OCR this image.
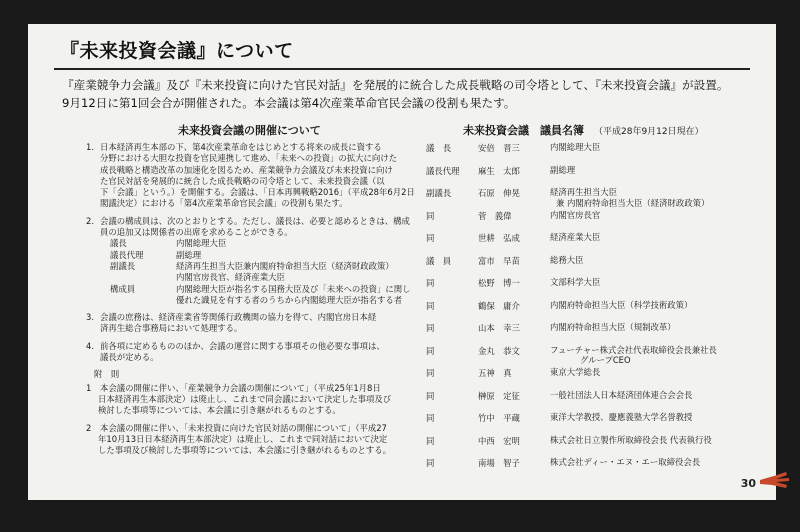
『未来投資会議』について
『産業競争力会議』及び『未来投資に向けた官民対話』を発展的に統合した成長戦略の司令塔として、『未来投資会議』が設置。
9月12日に第1回会合が開催された。本会議は第4次産業革命官民会議の役割も果たす。
未来投資会議の開催について	未来投資会議　議員名簿 （平成28年9月12日現在）
1. 日本経済再生本部の下、第4次産業革命をはじめとする将来の成長に資する
分野における大胆な投資を官民連携して進め、「未来への投資」の拡大に向けた
成長戦略と構造改革の加速化を図るため、産業競争力会議及び未来投資に向け
た官民対話を発展的に統合した成長戦略の司令塔として、未来投資会議（以
下「会議」という。）を開催する。会議は、「日本再興戦略2016」（平成28年6月2日
閣議決定）における「第4次産業革命官民会議」の役割も果たす。
2. 会議の構成員は、次のとおりとする。ただし、議長は、必要と認めるときは、構成
員の追加又は関係者の出席を求めることができる。
議長	内閣総理大臣
議長代理	副総理
副議長	経済再生担当大臣兼内閣府特命担当大臣（経済財政政策）
内閣官房長官、経済産業大臣
構成員	内閣総理大臣が指名する国務大臣及び「未来への投資」に関し
優れた識見を有する者のうちから内閣総理大臣が指名する者
3. 会議の庶務は、経済産業省等関係行政機関の協力を得て、内閣官房日本経
済再生総合事務局において処理する。
4. 前各項に定めるもののほか、会議の運営に関する事項その他必要な事項は、
議長が定める。
附　則
1 本会議の開催に伴い、「産業競争力会議の開催について」（平成25年1月8日
日本経済再生本部決定）は廃止し、これまで同会議において決定した事項及び
検討した事項等については、本会議に引き継がれるものとする。
2 本会議の開催に伴い、「未来投資に向けた官民対話の開催について」（平成27
年10月13日日本経済再生本部決定）は廃止し、これまで同対話において決定
した事項及び検討した事項等については、本会議に引き継がれるものとする。
議　長	安倍　晋三	内閣総理大臣
議長代理	麻生　太郎	副総理
副議長	石原　伸晃	経済再生担当大臣
兼 内閣府特命担当大臣（経済財政政策）
同	菅　義偉	内閣官房長官
同	世耕　弘成	経済産業大臣
議　員	富市　早苗	総務大臣
同	松野　博一	文部科学大臣
同	鶴保　庸介	内閣府特命担当大臣（科学技術政策）
同	山本　幸三	内閣府特命担当大臣（規制改革）
同	金丸　恭文	フューチャー株式会社代表取締役会長兼社長
グループCEO
同	五神　真	東京大学総長
同	榊原　定征	一般社団法人日本経済団体連合会会長
同	竹中　平蔵	東洋大学教授、慶應義塾大学名誉教授
同	中西　宏明	株式会社日立製作所取締役会長 代表執行役
同	南場　智子	株式会社ディー・エヌ・エー取締役会長
30
